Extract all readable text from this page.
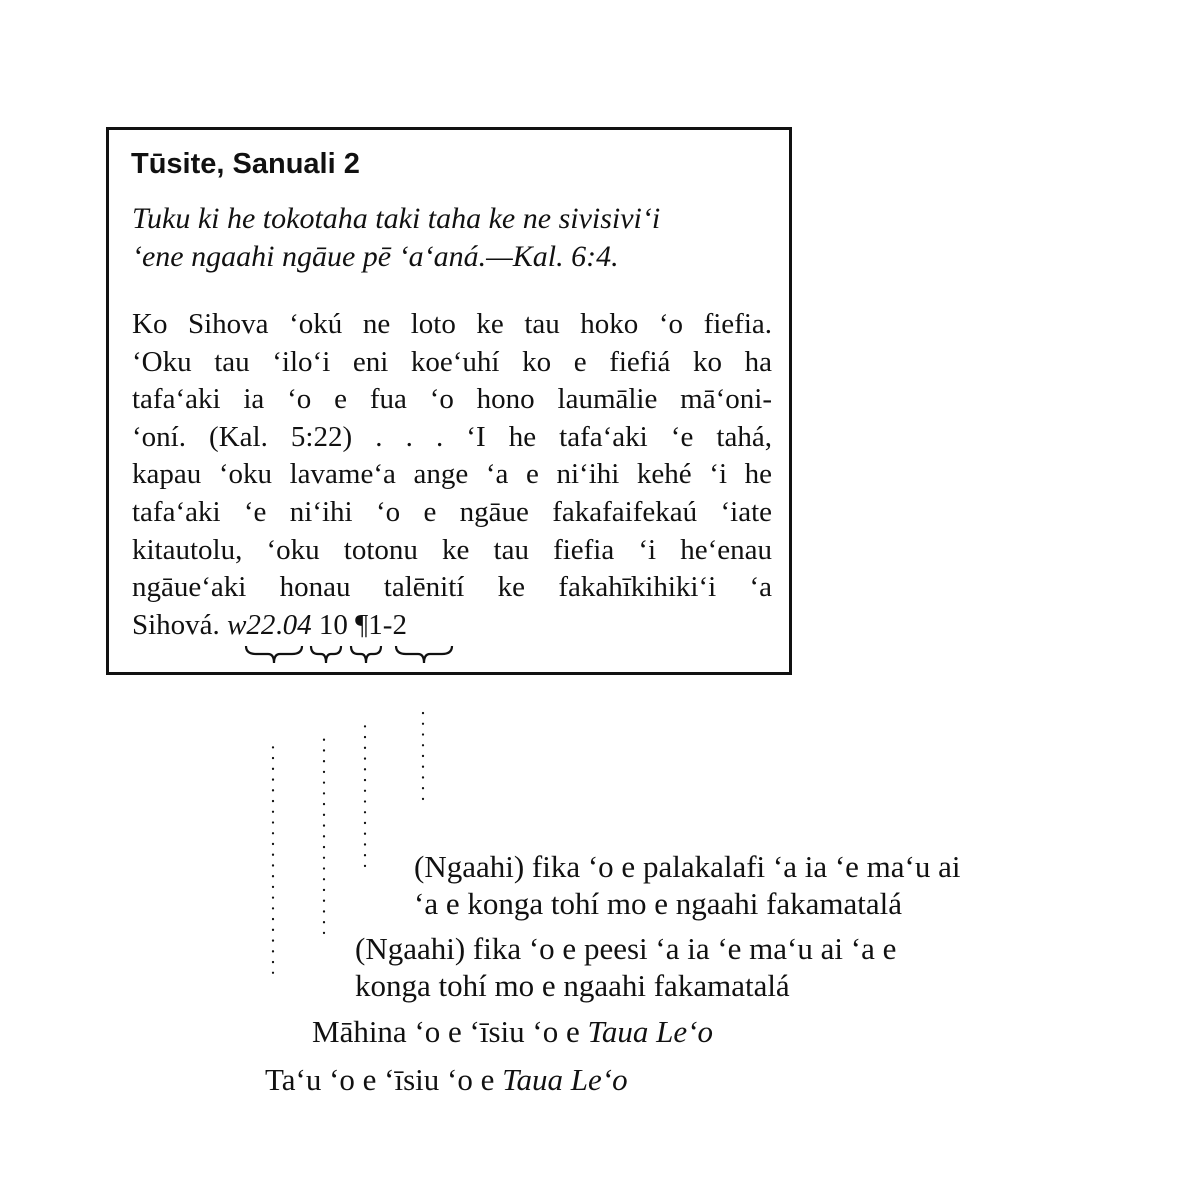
Tūsite, Sanuali 2
Tuku ki he tokotaha taki taha ke ne sivisivi‘i
‘ene ngaahi ngāue pē ‘a‘aná.—Kal. 6:4.
Ko Sihova ‘okú ne loto ke tau hoko ‘o fiefia.
‘Oku tau ‘ilo‘i eni koe‘uhí ko e fiefiá ko ha
tafa‘aki ia ‘o e fua ‘o hono laumālie mā‘oni-
‘oní. (Kal. 5:22) . . . ‘I he tafa‘aki ‘e tahá,
kapau ‘oku lavame‘a ange ‘a e ni‘ihi kehé ‘i he
tafa‘aki ‘e ni‘ihi ‘o e ngāue fakafaifekaú ‘iate
kitautolu, ‘oku totonu ke tau fiefia ‘i he‘enau
ngāue‘aki honau talēnití ke fakahīkihiki‘i ‘a
Sihová. w22.04 10 ¶1-2
(Ngaahi) fika ‘o e palakalafi ‘a ia ‘e ma‘u ai
‘a e konga tohí mo e ngaahi fakamatalá
(Ngaahi) fika ‘o e peesi ‘a ia ‘e ma‘u ai ‘a e
konga tohí mo e ngaahi fakamatalá
Māhina ‘o e ‘īsiu ‘o e Taua Le‘o
Ta‘u ‘o e ‘īsiu ‘o e Taua Le‘o
